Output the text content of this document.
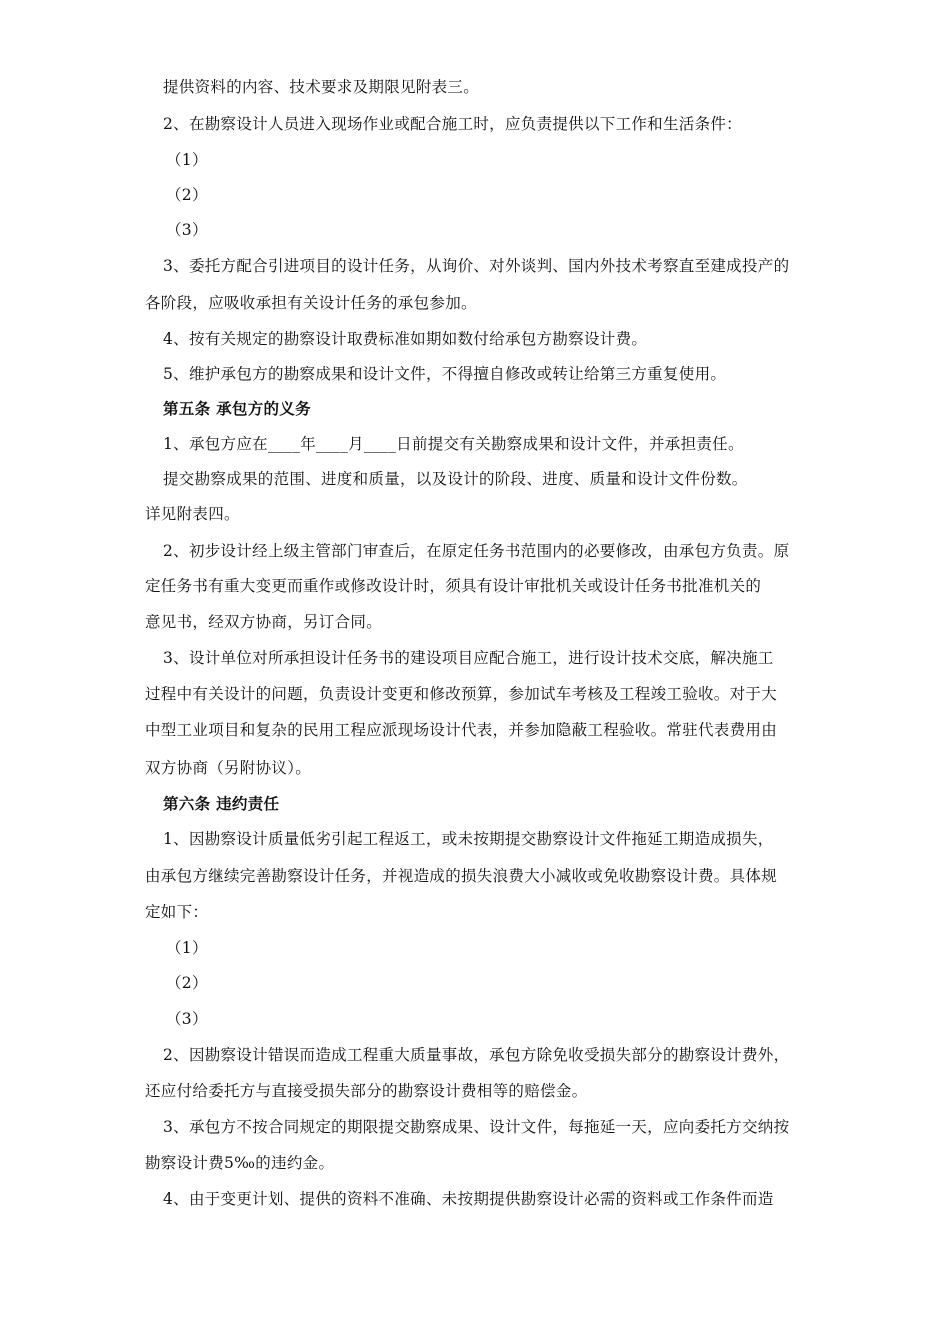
提供资料的内容、技术要求及期限见附表三。
2、在勘察设计人员进入现场作业或配合施工时，应负责提供以下工作和生活条件：
（1）
（2）
（3）
3、委托方配合引进项目的设计任务，从询价、对外谈判、国内外技术考察直至建成投产的
各阶段，应吸收承担有关设计任务的承包参加。
4、按有关规定的勘察设计取费标准如期如数付给承包方勘察设计费。
5、维护承包方的勘察成果和设计文件，不得擅自修改或转让给第三方重复使用。
第五条 承包方的义务
1、承包方应在____年____月____日前提交有关勘察成果和设计文件，并承担责任。
提交勘察成果的范围、进度和质量，以及设计的阶段、进度、质量和设计文件份数。
详见附表四。
2、初步设计经上级主管部门审查后，在原定任务书范围内的必要修改，由承包方负责。原
定任务书有重大变更而重作或修改设计时，须具有设计审批机关或设计任务书批准机关的
意见书，经双方协商，另订合同。
3、设计单位对所承担设计任务书的建设项目应配合施工，进行设计技术交底，解决施工
过程中有关设计的问题，负责设计变更和修改预算，参加试车考核及工程竣工验收。对于大
中型工业项目和复杂的民用工程应派现场设计代表，并参加隐蔽工程验收。常驻代表费用由
双方协商（另附协议）。
第六条 违约责任
1、因勘察设计质量低劣引起工程返工，或未按期提交勘察设计文件拖延工期造成损失，
由承包方继续完善勘察设计任务，并视造成的损失浪费大小减收或免收勘察设计费。具体规
定如下：
（1）
（2）
（3）
2、因勘察设计错误而造成工程重大质量事故，承包方除免收受损失部分的勘察设计费外，
还应付给委托方与直接受损失部分的勘察设计费相等的赔偿金。
3、承包方不按合同规定的期限提交勘察成果、设计文件，每拖延一天，应向委托方交纳按
勘察设计费5‰的违约金。
4、由于变更计划、提供的资料不准确、未按期提供勘察设计必需的资料或工作条件而造
